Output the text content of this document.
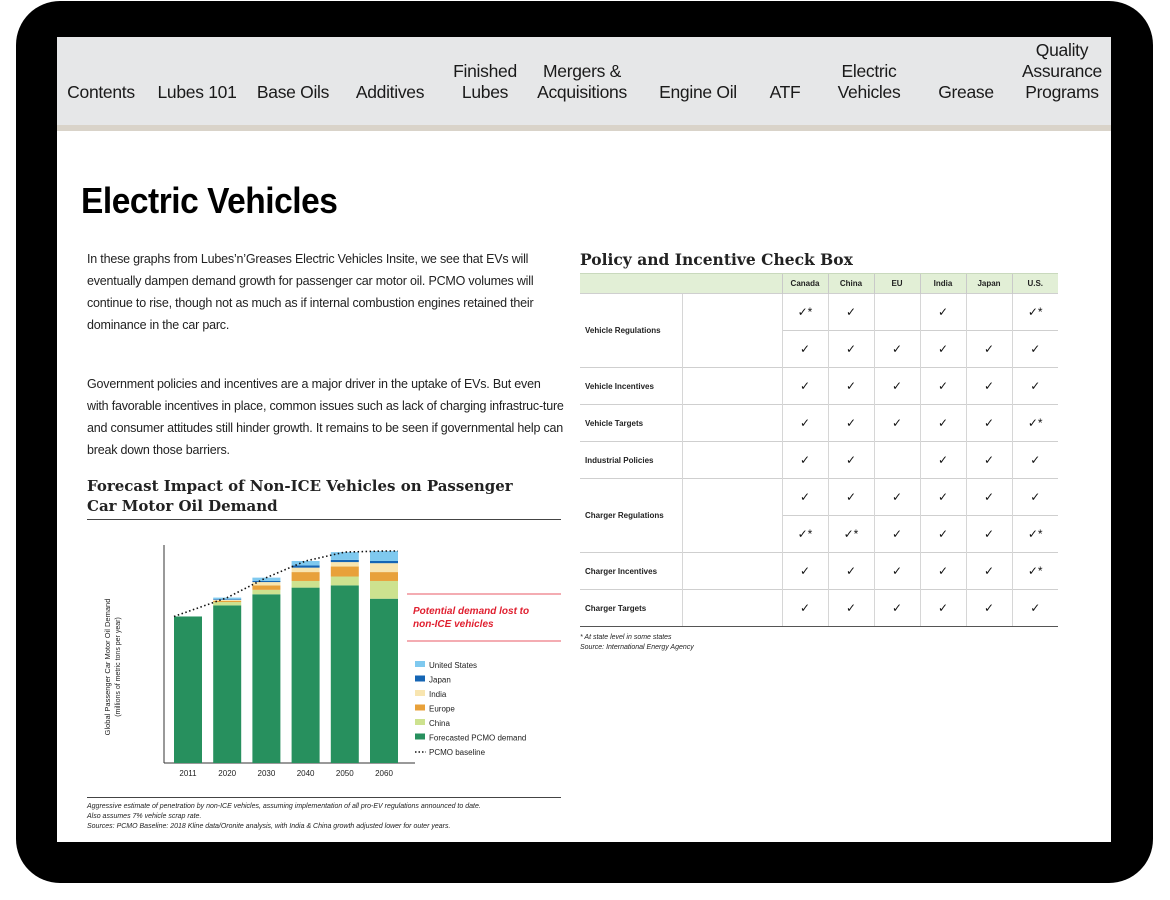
Contents Lubes 101 Base Oils Additives
Finished
Lubes
Mergers &
Acquisitions Engine Oil ATF
Electric
Vehicles Grease
Quality
Assurance
Programs
Electric Vehicles

In these graphs from Lubes’n’Greases Electric Vehicles Insite, we see that EVs will eventually dampen demand growth for passenger car motor oil. PCMO volumes will continue to rise, though not as much as if internal combustion engines retained their dominance in the car parc.

Government policies and incentives are a major driver in the uptake of EVs. But even with favorable incentives in place, common issues such as lack of charging infrastruc-ture and consumer attitudes still hinder growth. It remains to be seen if governmental help can break down those barriers.

Forecast Impact of Non-ICE Vehicles on Passenger Car Motor Oil Demand
Global Passenger Car Motor Oil Demand (millions of metric tons per year)
2011	2020	2030	2040	2050	2060
Potential demand lost to
non-ICE vehicles
United States
Japan
India
Europe
China
Forecasted PCMO demand
PCMO baseline
Aggressive estimate of penetration by non-ICE vehicles, assuming implementation of all pro-EV regulations announced to date.
Also assumes 7% vehicle scrap rate.
Sources: PCMO Baseline: 2018 Kline data/Oronite analysis, with India & China growth adjusted lower for outer years.
Policy and Incentive Check Box
		Canada	China	EU	India	Japan	U.S.
Vehicle Regulations		✓*	✓		✓		✓*
		✓	✓	✓	✓	✓	✓
Vehicle Incentives		✓	✓	✓	✓	✓	✓
Vehicle Targets		✓	✓	✓	✓	✓	✓*
Industrial Policies		✓	✓		✓	✓	✓
Charger Regulations		✓	✓	✓	✓	✓	✓
		✓*	✓*	✓	✓	✓	✓*
Charger Incentives		✓	✓	✓	✓	✓	✓*
Charger Targets		✓	✓	✓	✓	✓	✓
* At state level in some states
Source: International Energy Agency
